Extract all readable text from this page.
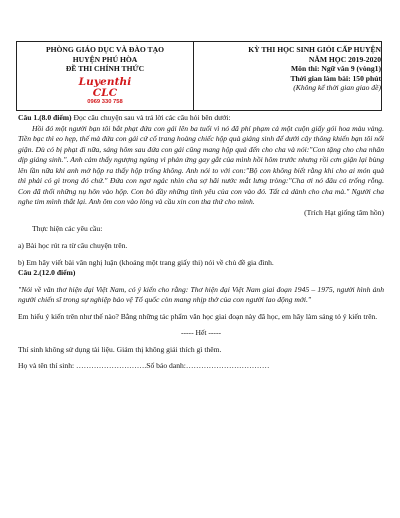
PHÒNG GIÁO DỤC VÀ ĐÀO TẠO
HUYỆN PHÚ HÒA
ĐỀ THI CHÍNH THỨC
Luyenthi CLC
0969 330 758
KỲ THI HỌC SINH GIỎI CẤP HUYỆN
NĂM HỌC 2019-2020
Môn thi: Ngữ văn 9 (vòng1)
Thời gian làm bài: 150 phút
(Không kể thời gian giao đề)

Câu 1.(8.0 điểm) Đọc câu chuyện sau và trả lời các câu hỏi bên dưới:

Hồi đó một người bạn tôi bắt phạt đứa con gái lên ba tuổi vì nó đã phí phạm cả một cuộn giấy gói hoa màu vàng. Tiền bạc thì eo hẹp, thế mà đứa con gái cứ cố trang hoàng chiếc hộp quà giáng sinh để dưới cây thông khiến bạn tôi nổi giận. Dù có bị phạt đi nữa, sáng hôm sau đứa con gái cũng mang hộp quà đến cho cha và nói:"Con tặng cho cha nhân dịp giáng sinh.". Anh cảm thấy ngượng ngùng vì phản ứng gay gắt của mình hồi hôm trước nhưng rồi cơn giận lại bùng lên lần nữa khi anh mở hộp ra thấy hộp trống không. Anh nói to với con:"Bộ con không biết rằng khi cho ai món quà thì phải có gì trong đó chứ." Đứa con ngơ ngác nhìn cha sợ hãi nước mắt lưng tròng:"Cha ơi nó đâu có trống rỗng. Con đã thổi những nụ hôn vào hộp. Con bỏ đầy những tình yêu của con vào đó. Tất cả dành cho cha mà." Người cha nghe tim mình thắt lại. Anh ôm con vào lòng và cầu xin con tha thứ cho mình.

(Trích Hạt giống tâm hồn)

Thực hiện các yêu cầu:

a) Bài học rút ra từ câu chuyện trên.

b) Em hãy viết bài văn nghị luận (khoảng một trang giấy thi) nói về chủ đề gia đình.

Câu 2.(12.0 điểm)

"Nói về văn thơ hiện đại Việt Nam, có ý kiến cho rằng: Thơ hiện đại Việt Nam giai đoạn 1945 – 1975, người hình ảnh người chiến sĩ trong sự nghiệp bảo vệ Tổ quốc còn mang nhịp thở của con người lao động mới."

Em hiểu ý kiến trên như thế nào? Bằng những tác phẩm văn học giai đoạn này đã học, em hãy làm sáng tỏ ý kiến trên.

----- Hết -----

Thí sinh không sử dụng tài liệu. Giám thị không giải thích gì thêm.

Họ và tên thí sinh: ……………………….Số báo danh:……………………………
